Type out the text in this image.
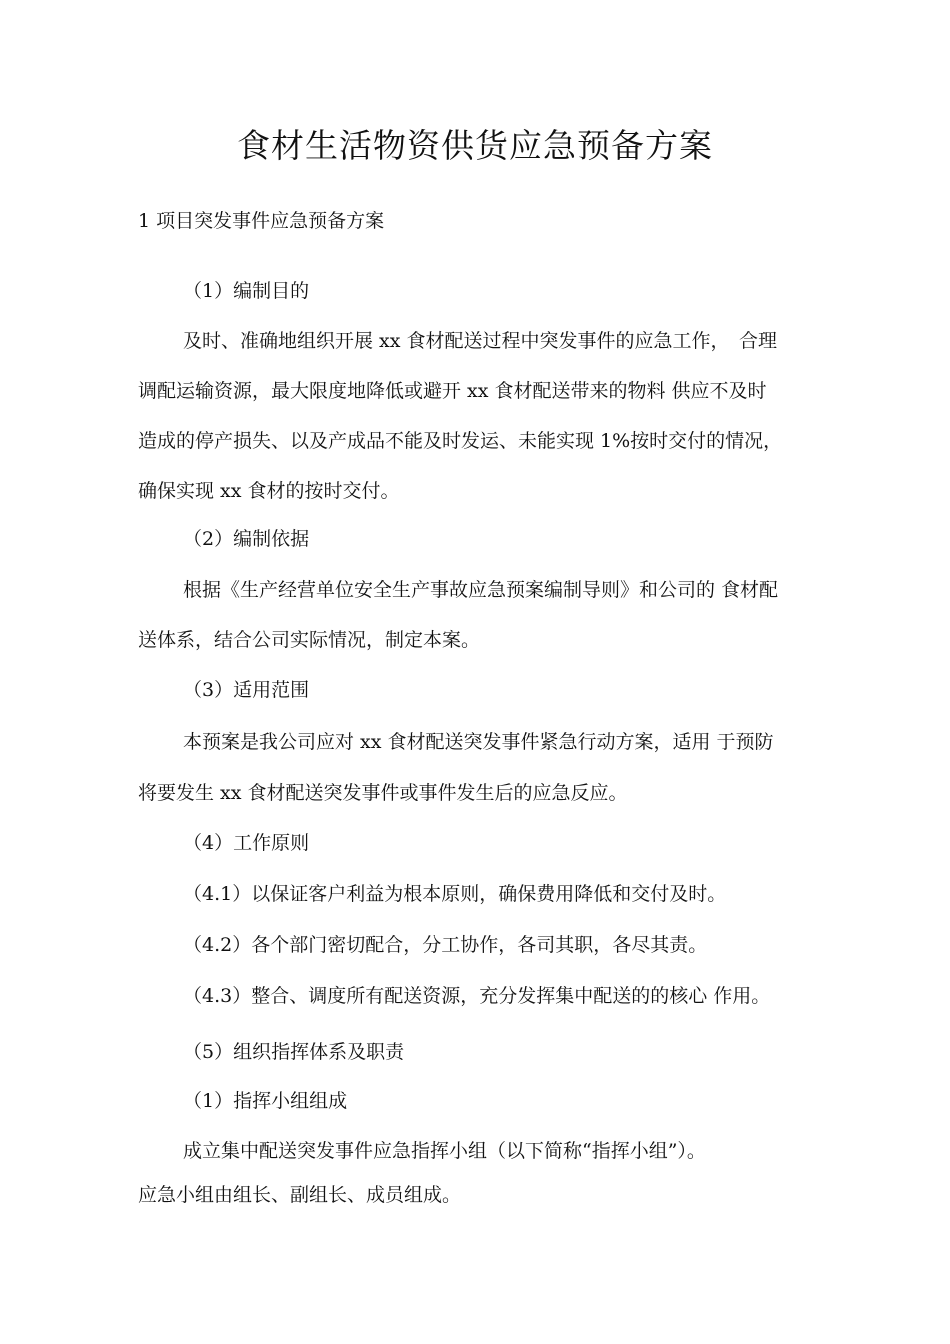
食材生活物资供货应急预备方案

1 项目突发事件应急预备方案

（1）编制目的

及时、准确地组织开展 xx 食材配送过程中突发事件的应急工作，　合理

调配运输资源，最大限度地降低或避开 xx 食材配送带来的物料 供应不及时

造成的停产损失、以及产成品不能及时发运、未能实现 1%按时交付的情况，

确保实现 xx 食材的按时交付。

（2）编制依据

根据《生产经营单位安全生产事故应急预案编制导则》和公司的 食材配

送体系，结合公司实际情况，制定本案。

（3）适用范围

本预案是我公司应对 xx 食材配送突发事件紧急行动方案，适用 于预防

将要发生 xx 食材配送突发事件或事件发生后的应急反应。

（4）工作原则

（4.1）以保证客户利益为根本原则，确保费用降低和交付及时。

（4.2）各个部门密切配合，分工协作，各司其职，各尽其责。

（4.3）整合、调度所有配送资源，充分发挥集中配送的的核心 作用。

（5）组织指挥体系及职责

（1）指挥小组组成

成立集中配送突发事件应急指挥小组（以下简称“指挥小组”）。

应急小组由组长、副组长、成员组成。
